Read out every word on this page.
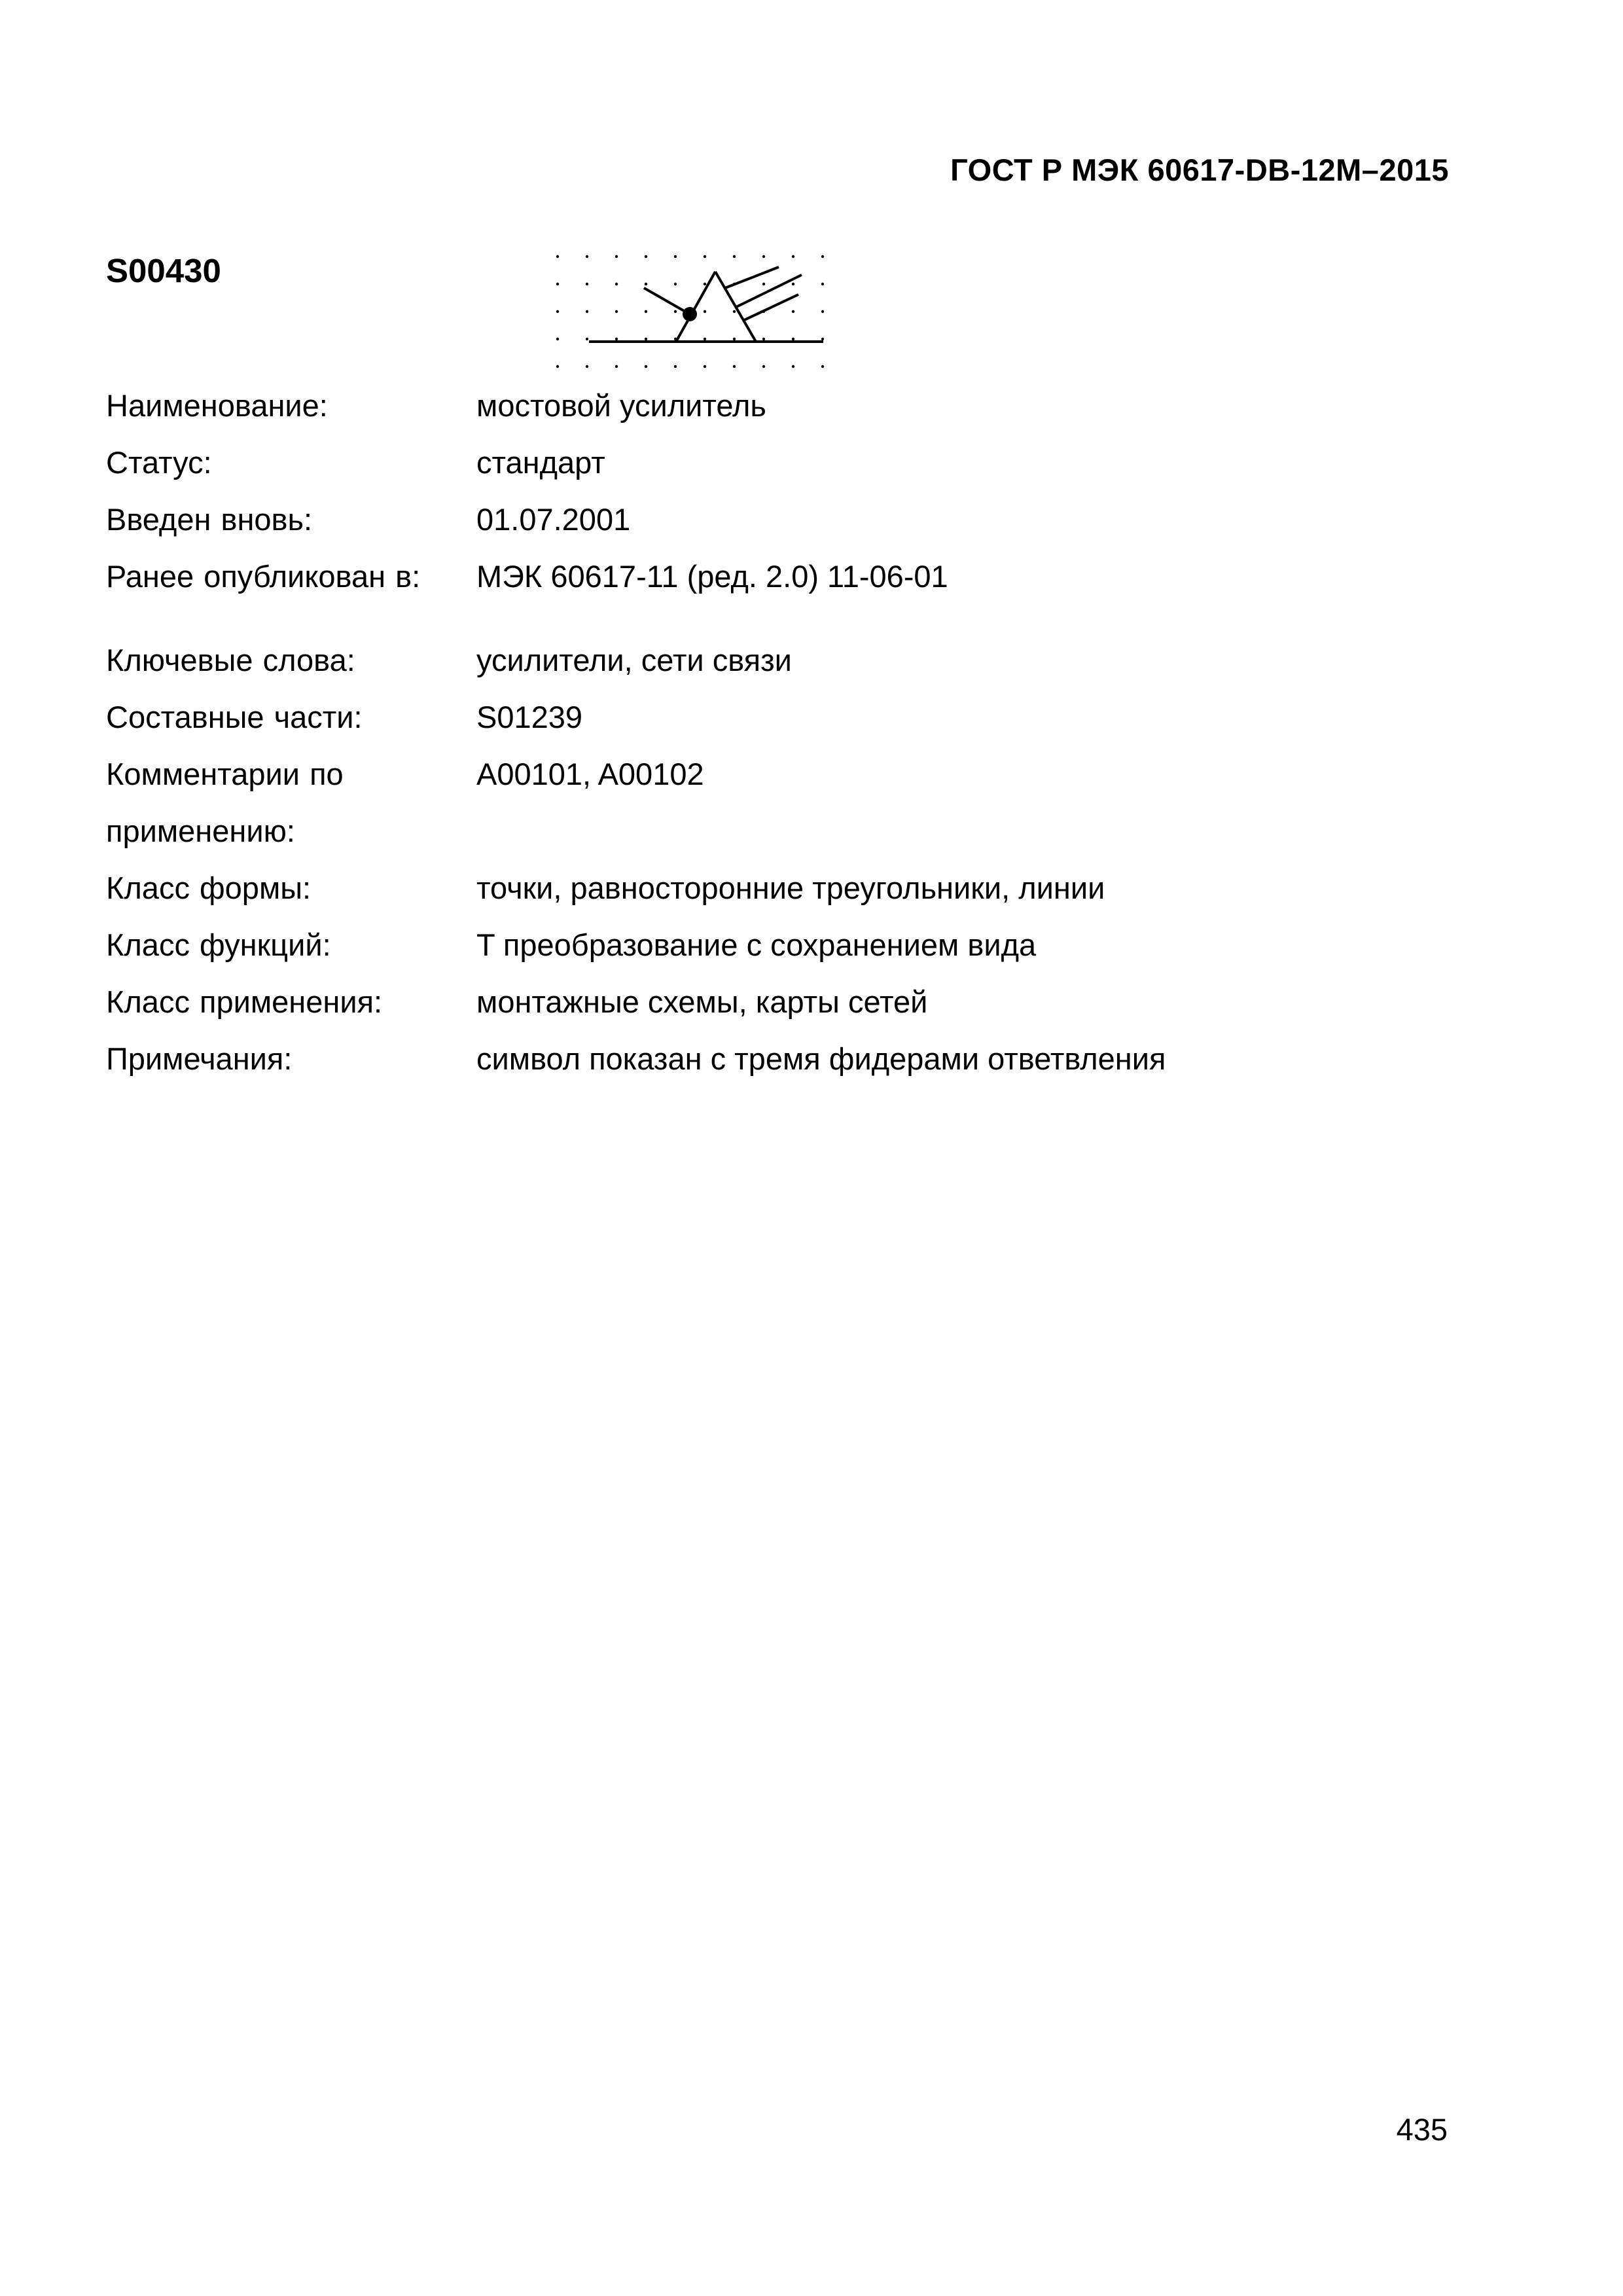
ГОСТ Р МЭК 60617-DB-12М–2015
S00430
Наименование:	мостовой усилитель
Статус:	стандарт
Введен вновь:	01.07.2001
Ранее опубликован в:	МЭК 60617-11 (ред. 2.0) 11-06-01
Ключевые слова:	усилители, сети связи
Составные части:	S01239
Комментарии по применению:
A00101, A00102
Класс формы:	точки, равносторонние треугольники, линии
Класс функций:	T преобразование с сохранением вида
Класс применения:	монтажные схемы, карты сетей
Примечания:	символ показан с тремя фидерами ответвления
435
